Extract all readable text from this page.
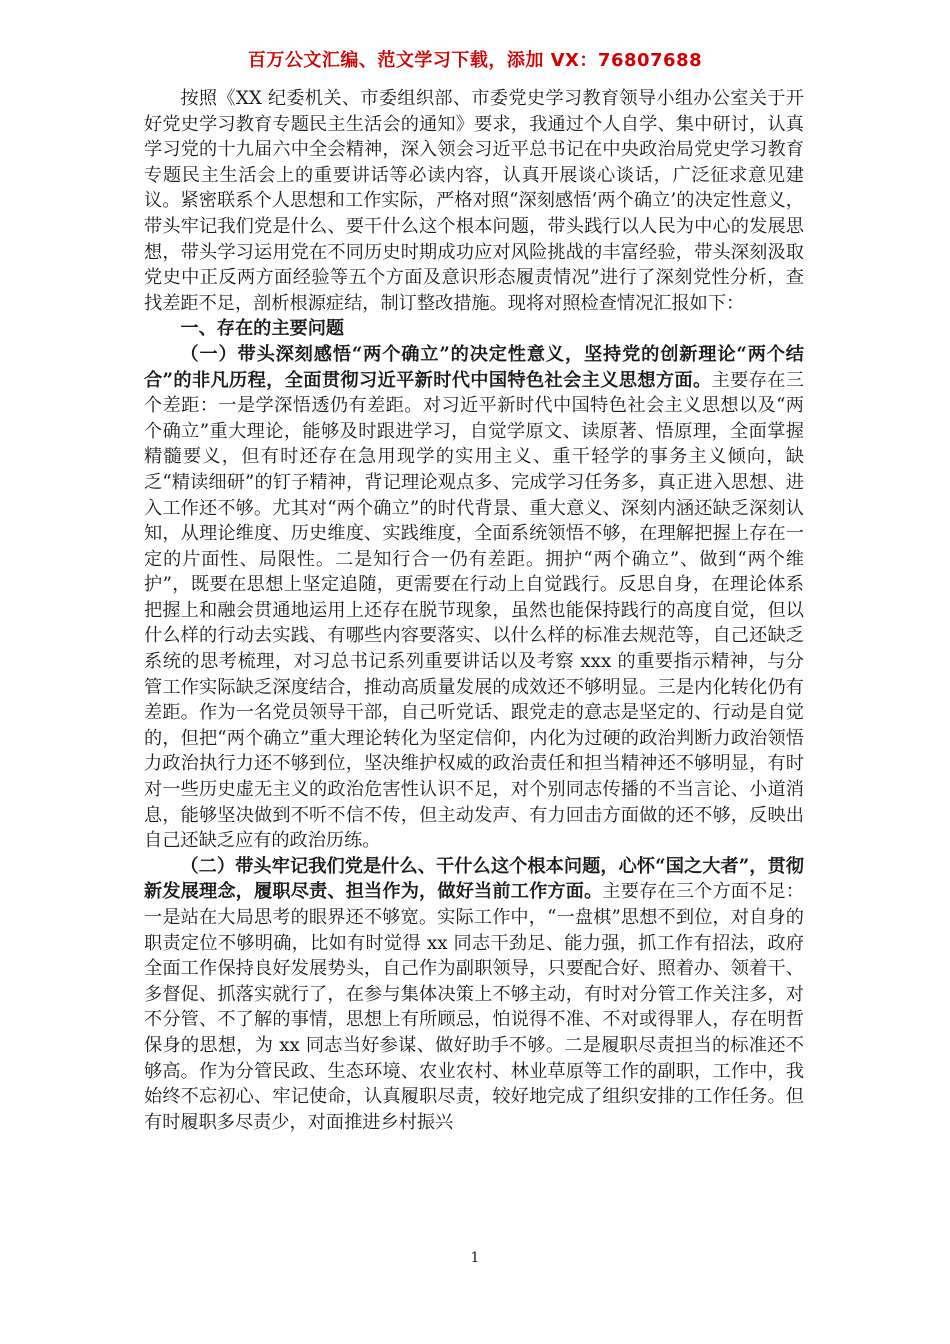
百万公文汇编、范文学习下载，添加 VX：76807688

按照《XX 纪委机关、市委组织部、市委党史学习教育领导小组办公室关于开好党史学习教育专题民主生活会的通知》要求，我通过个人自学、集中研讨，认真学习党的十九届六中全会精神，深入领会习近平总书记在中央政治局党史学习教育专题民主生活会上的重要讲话等必读内容，认真开展谈心谈话，广泛征求意见建议。紧密联系个人思想和工作实际，严格对照“深刻感悟‘两个确立’的决定性意义，带头牢记我们党是什么、要干什么这个根本问题，带头践行以人民为中心的发展思想，带头学习运用党在不同历史时期成功应对风险挑战的丰富经验，带头深刻汲取党史中正反两方面经验等五个方面及意识形态履责情况”进行了深刻党性分析，查找差距不足，剖析根源症结，制订整改措施。现将对照检查情况汇报如下：

一、存在的主要问题

（一）带头深刻感悟“两个确立”的决定性意义，坚持党的创新理论“两个结合”的非凡历程，全面贯彻习近平新时代中国特色社会主义思想方面。主要存在三个差距：一是学深悟透仍有差距。对习近平新时代中国特色社会主义思想以及“两个确立”重大理论，能够及时跟进学习，自觉学原文、读原著、悟原理，全面掌握精髓要义，但有时还存在急用现学的实用主义、重干轻学的事务主义倾向，缺乏“精读细研”的钉子精神，背记理论观点多、完成学习任务多，真正进入思想、进入工作还不够。尤其对“两个确立”的时代背景、重大意义、深刻内涵还缺乏深刻认知，从理论维度、历史维度、实践维度，全面系统领悟不够，在理解把握上存在一定的片面性、局限性。二是知行合一仍有差距。拥护“两个确立”、做到“两个维护”，既要在思想上坚定追随，更需要在行动上自觉践行。反思自身，在理论体系把握上和融会贯通地运用上还存在脱节现象，虽然也能保持践行的高度自觉，但以什么样的行动去实践、有哪些内容要落实、以什么样的标准去规范等，自己还缺乏系统的思考梳理，对习总书记系列重要讲话以及考察 xxx 的重要指示精神，与分管工作实际缺乏深度结合，推动高质量发展的成效还不够明显。三是内化转化仍有差距。作为一名党员领导干部，自己听党话、跟党走的意志是坚定的、行动是自觉的，但把“两个确立”重大理论转化为坚定信仰，内化为过硬的政治判断力政治领悟力政治执行力还不够到位，坚决维护权威的政治责任和担当精神还不够明显，有时对一些历史虚无主义的政治危害性认识不足，对个别同志传播的不当言论、小道消息，能够坚决做到不听不信不传，但主动发声、有力回击方面做的还不够，反映出自己还缺乏应有的政治历练。

（二）带头牢记我们党是什么、干什么这个根本问题，心怀“国之大者”，贯彻新发展理念，履职尽责、担当作为，做好当前工作方面。主要存在三个方面不足：一是站在大局思考的眼界还不够宽。实际工作中，“一盘棋”思想不到位，对自身的职责定位不够明确，比如有时觉得 xx 同志干劲足、能力强，抓工作有招法，政府全面工作保持良好发展势头，自己作为副职领导，只要配合好、照着办、领着干、多督促、抓落实就行了，在参与集体决策上不够主动，有时对分管工作关注多，对不分管、不了解的事情，思想上有所顾忌，怕说得不准、不对或得罪人，存在明哲保身的思想，为 xx 同志当好参谋、做好助手不够。二是履职尽责担当的标准还不够高。作为分管民政、生态环境、农业农村、林业草原等工作的副职，工作中，我始终不忘初心、牢记使命，认真履职尽责，较好地完成了组织安排的工作任务。但有时履职多尽责少，对面推进乡村振兴

1
